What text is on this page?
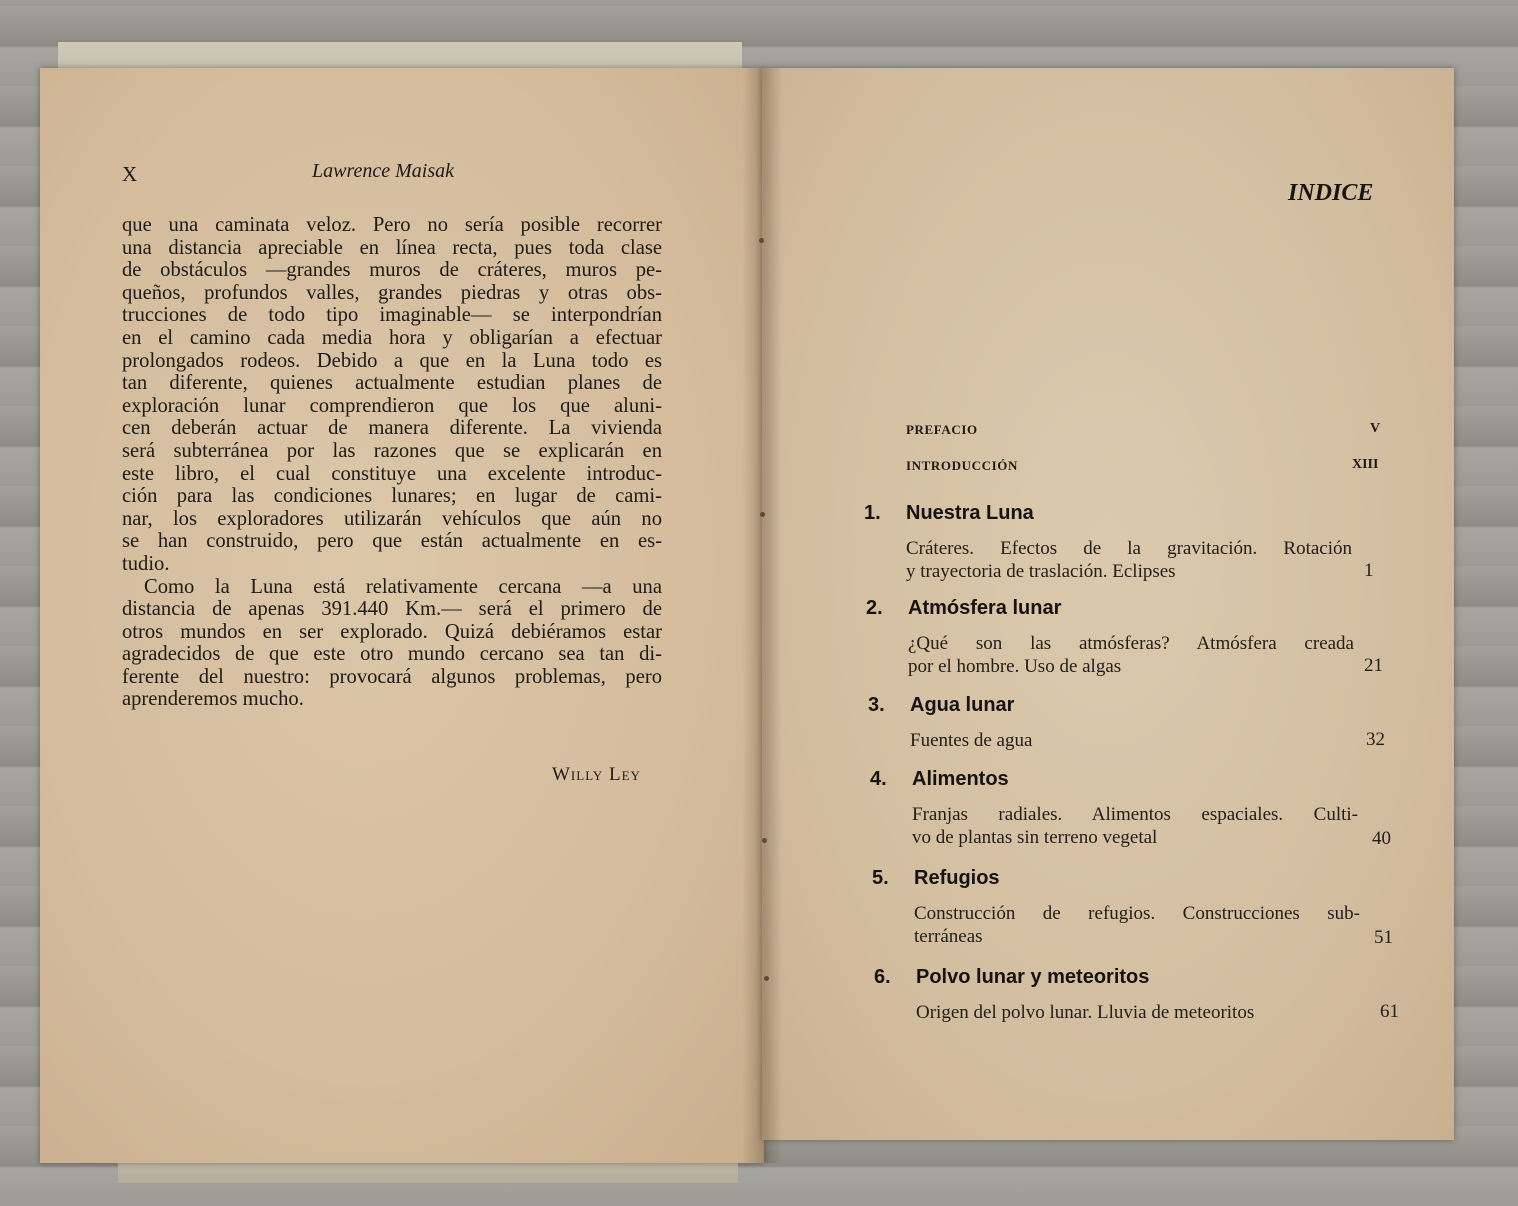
X	Lawrence Maisak
que una caminata veloz. Pero no sería posible recorrer
una distancia apreciable en línea recta, pues toda clase
de obstáculos —grandes muros de cráteres, muros pe-
queños, profundos valles, grandes piedras y otras obs-
trucciones de todo tipo imaginable— se interpondrían
en el camino cada media hora y obligarían a efectuar
prolongados rodeos. Debido a que en la Luna todo es
tan diferente, quienes actualmente estudian planes de
exploración lunar comprendieron que los que aluni-
cen deberán actuar de manera diferente. La vivienda
será subterránea por las razones que se explicarán en
este libro, el cual constituye una excelente introduc-
ción para las condiciones lunares; en lugar de cami-
nar, los exploradores utilizarán vehículos que aún no
se han construido, pero que están actualmente en es-
tudio.
Como la Luna está relativamente cercana —a una
distancia de apenas 391.440 Km.— será el primero de
otros mundos en ser explorado. Quizá debiéramos estar
agradecidos de que este otro mundo cercano sea tan di-
ferente del nuestro: provocará algunos problemas, pero
aprenderemos mucho.
Willy Ley
INDICE
PREFACIO	V
INTRODUCCIÓN	XIII
1. Nuestra Luna
Cráteres. Efectos de la gravitación. Rotación
y trayectoria de traslación. Eclipses	1
2. Atmósfera lunar
¿Qué son las atmósferas? Atmósfera creada
por el hombre. Uso de algas	21
3. Agua lunar
Fuentes de agua	32
4. Alimentos
Franjas radiales. Alimentos espaciales. Culti-
vo de plantas sin terreno vegetal	40
5. Refugios
Construcción de refugios. Construcciones sub-
terráneas	51
6. Polvo lunar y meteoritos
Origen del polvo lunar. Lluvia de meteoritos	61
